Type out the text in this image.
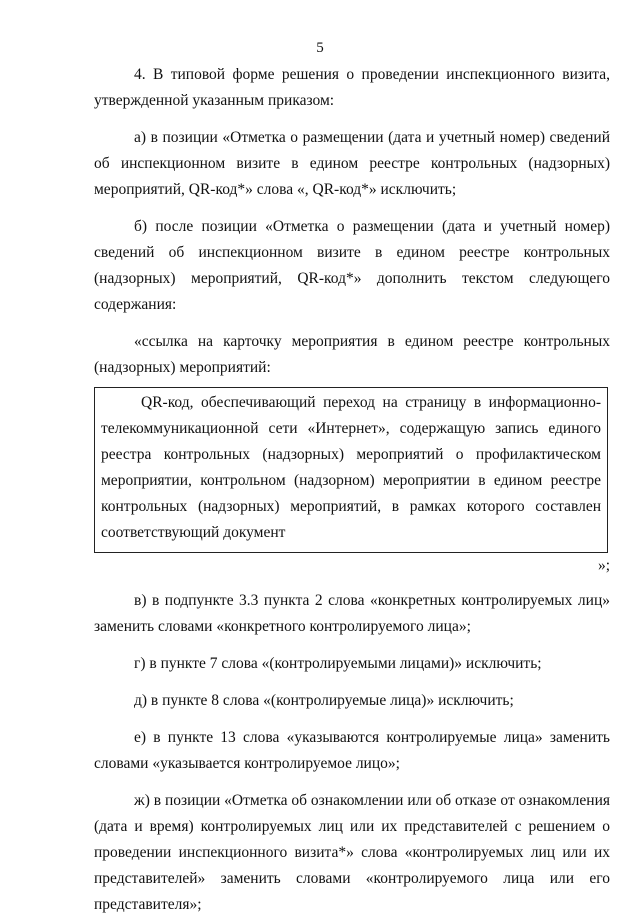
5

4. В типовой форме решения о проведении инспекционного визита, утвержденной указанным приказом:

а) в позиции «Отметка о размещении (дата и учетный номер) сведений об инспекционном визите в едином реестре контрольных (надзорных) мероприятий, QR-код*» слова «, QR-код*» исключить;

б) после позиции «Отметка о размещении (дата и учетный номер) сведений об инспекционном визите в едином реестре контрольных (надзорных) мероприятий, QR-код*» дополнить текстом следующего содержания:

«ссылка на карточку мероприятия в едином реестре контрольных (надзорных) мероприятий:

QR-код, обеспечивающий переход на страницу в информационно-телекоммуникационной сети «Интернет», содержащую запись единого реестра контрольных (надзорных) мероприятий о профилактическом мероприятии, контрольном (надзорном) мероприятии в едином реестре контрольных (надзорных) мероприятий, в рамках которого составлен соответствующий документ

»;

в) в подпункте 3.3 пункта 2 слова «конкретных контролируемых лиц» заменить словами «конкретного контролируемого лица»;

г) в пункте 7 слова «(контролируемыми лицами)» исключить;

д) в пункте 8 слова «(контролируемые лица)» исключить;

е) в пункте 13 слова «указываются контролируемые лица» заменить словами «указывается контролируемое лицо»;

ж) в позиции «Отметка об ознакомлении или об отказе от ознакомления (дата и время) контролируемых лиц или их представителей с решением о проведении инспекционного визита*» слова «контролируемых лиц или их представителей» заменить словами «контролируемого лица или его представителя»;
